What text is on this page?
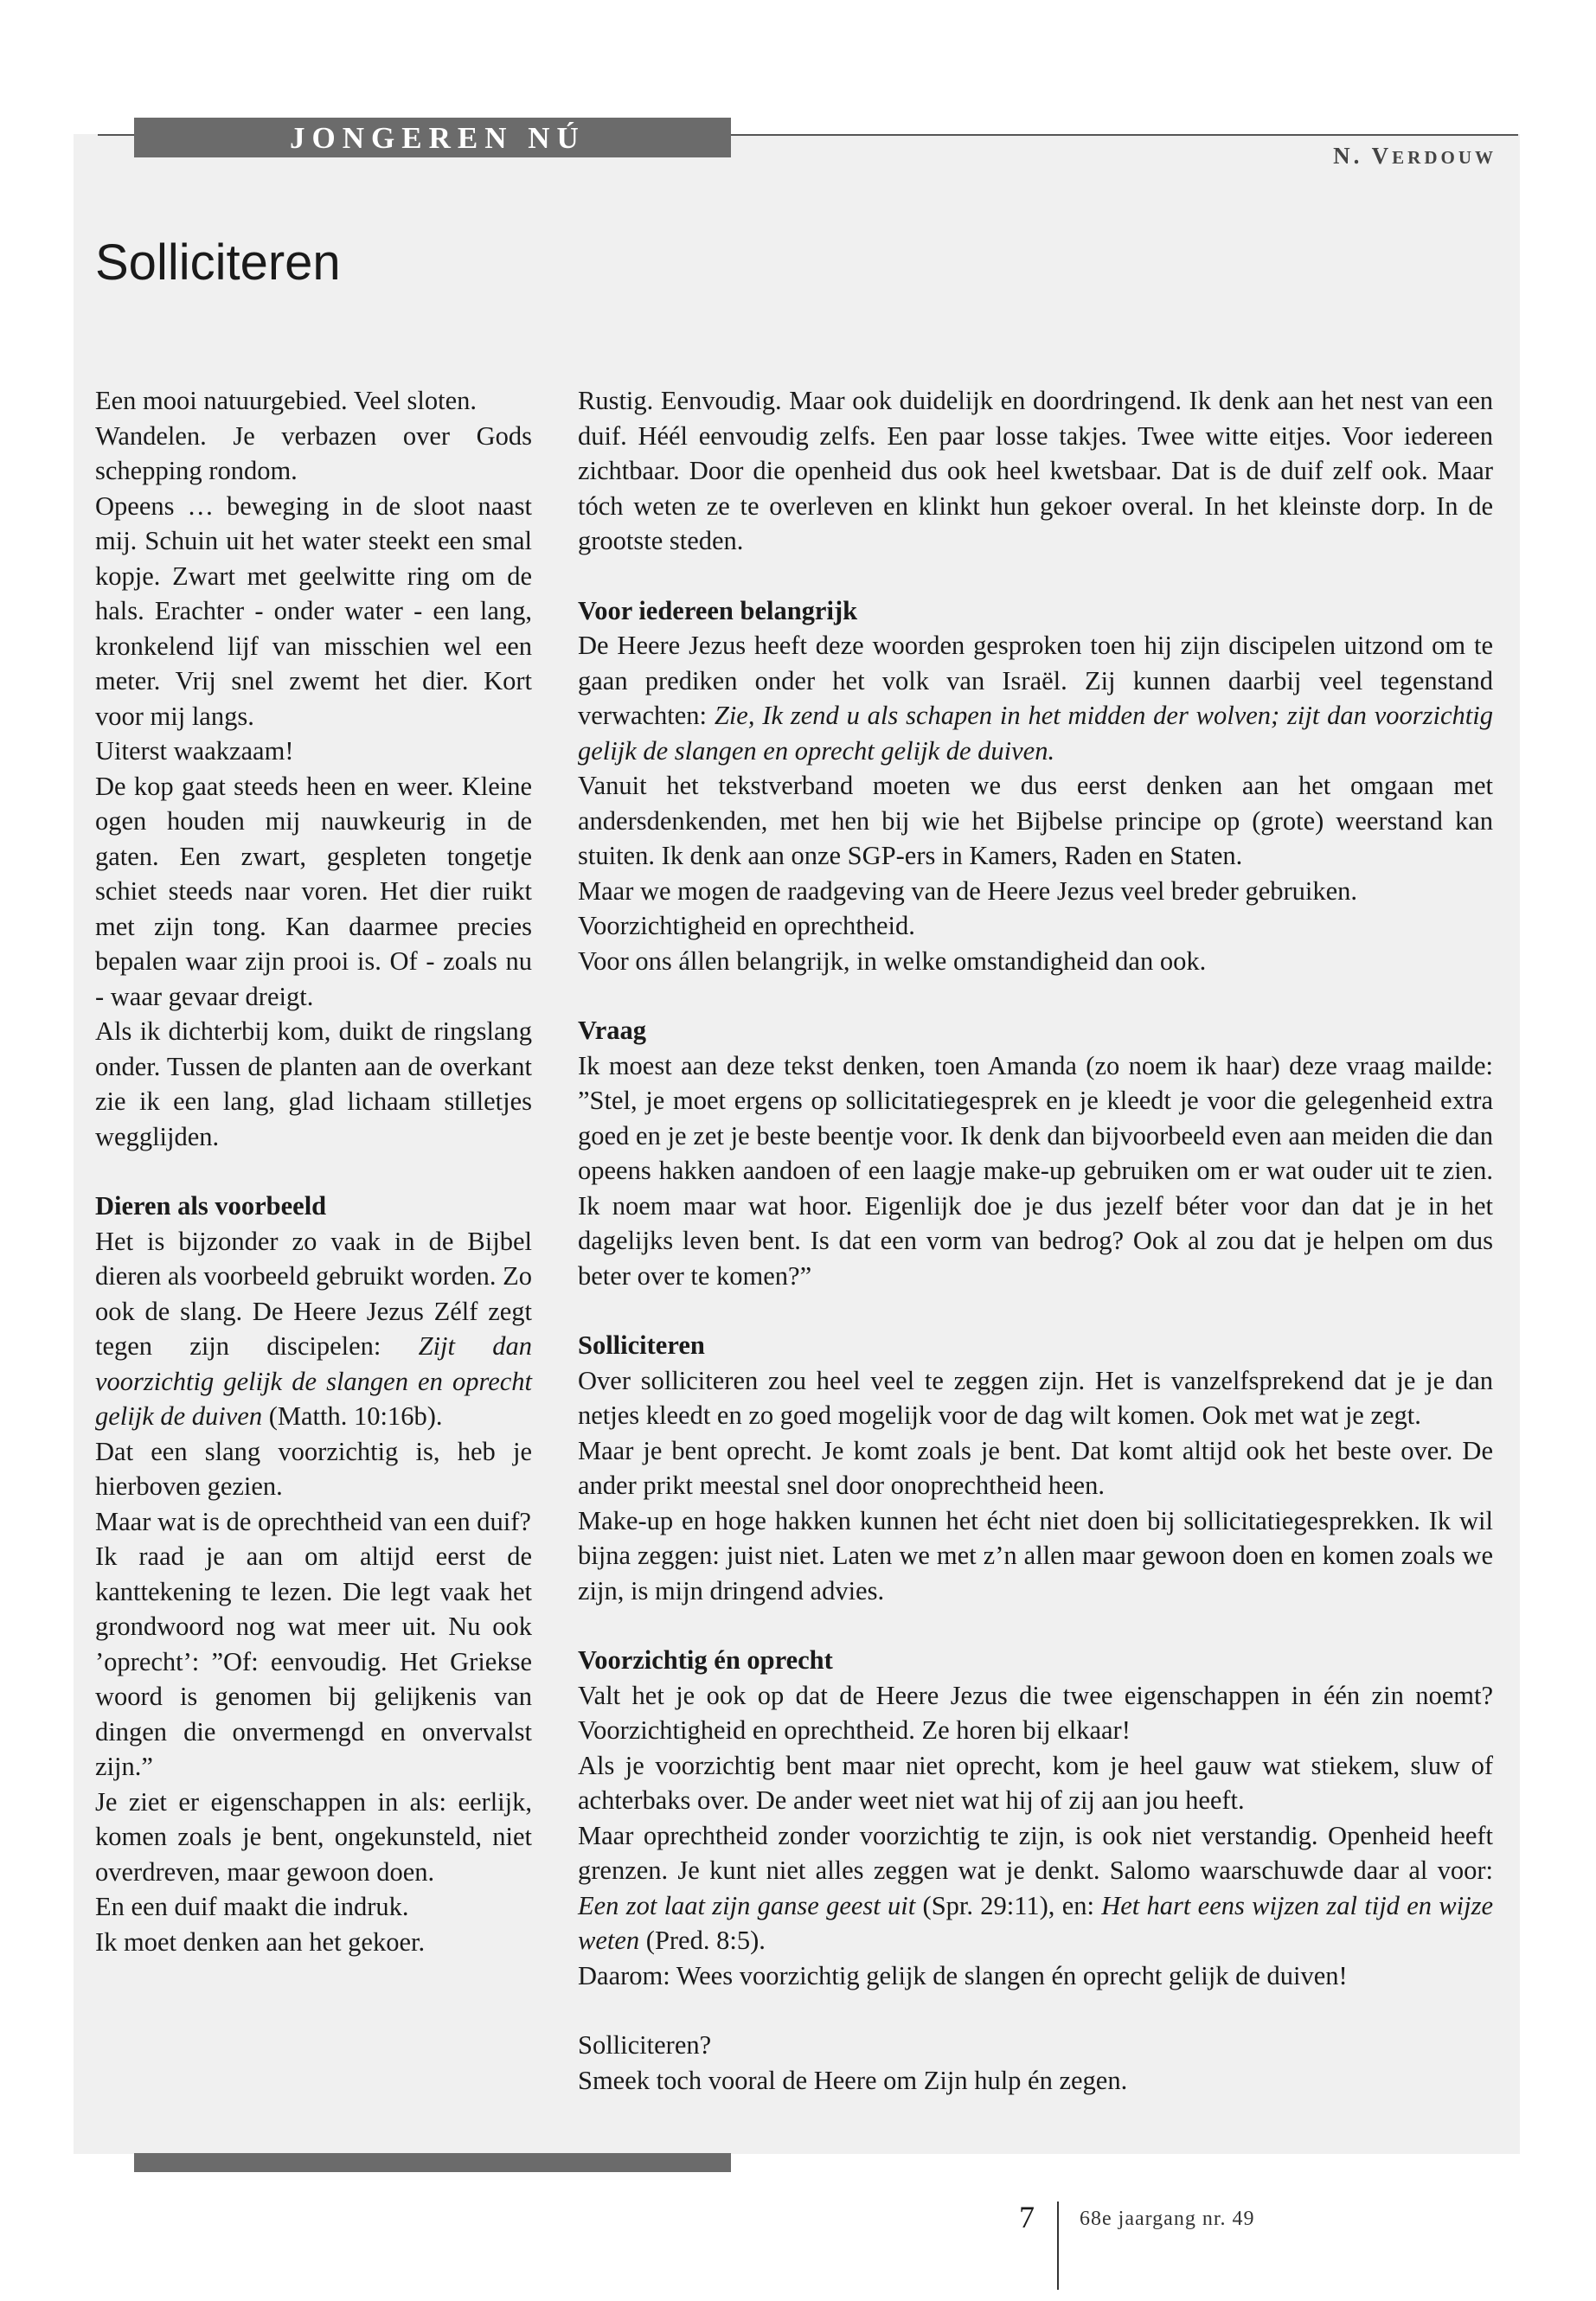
JONGEREN NÚ
N. VERDOUW
Solliciteren

Een mooi natuurgebied. Veel sloten.

Wandelen. Je verbazen over Gods schepping rondom.

Opeens … beweging in de sloot naast mij. Schuin uit het water steekt een smal kopje. Zwart met geelwitte ring om de hals. Erachter - onder water - een lang, kronkelend lijf van misschien wel een meter. Vrij snel zwemt het dier. Kort voor mij langs.

Uiterst waakzaam!

De kop gaat steeds heen en weer. Kleine ogen houden mij nauwkeurig in de gaten. Een zwart, gespleten tongetje schiet steeds naar voren. Het dier ruikt met zijn tong. Kan daarmee precies bepalen waar zijn prooi is. Of - zoals nu - waar gevaar dreigt.

Als ik dichterbij kom, duikt de ringslang onder. Tussen de planten aan de overkant zie ik een lang, glad lichaam stilletjes wegglijden.

Dieren als voorbeeld

Het is bijzonder zo vaak in de Bijbel dieren als voorbeeld gebruikt worden. Zo ook de slang. De Heere Jezus Zélf zegt tegen zijn discipelen: Zijt dan voorzichtig gelijk de slangen en oprecht gelijk de duiven (Matth. 10:16b).

Dat een slang voorzichtig is, heb je hierboven gezien.

Maar wat is de oprechtheid van een duif?

Ik raad je aan om altijd eerst de kanttekening te lezen. Die legt vaak het grondwoord nog wat meer uit. Nu ook ’oprecht’: ”Of: eenvoudig. Het Griekse woord is genomen bij gelijkenis van dingen die onvermengd en onvervalst zijn.”

Je ziet er eigenschappen in als: eerlijk, komen zoals je bent, ongekunsteld, niet overdreven, maar gewoon doen.

En een duif maakt die indruk.

Ik moet denken aan het gekoer.

Rustig. Eenvoudig. Maar ook duidelijk en doordringend. Ik denk aan het nest van een duif. Héél eenvoudig zelfs. Een paar losse takjes. Twee witte eitjes. Voor iedereen zichtbaar. Door die openheid dus ook heel kwetsbaar. Dat is de duif zelf ook. Maar tóch weten ze te overleven en klinkt hun gekoer overal. In het kleinste dorp. In de grootste steden.

Voor iedereen belangrijk

De Heere Jezus heeft deze woorden gesproken toen hij zijn discipelen uitzond om te gaan prediken onder het volk van Israël. Zij kunnen daarbij veel tegenstand verwachten: Zie, Ik zend u als schapen in het midden der wolven; zijt dan voorzichtig gelijk de slangen en oprecht gelijk de duiven.

Vanuit het tekstverband moeten we dus eerst denken aan het omgaan met andersdenkenden, met hen bij wie het Bijbelse principe op (grote) weerstand kan stuiten. Ik denk aan onze SGP-ers in Kamers, Raden en Staten.

Maar we mogen de raadgeving van de Heere Jezus veel breder gebruiken.

Voorzichtigheid en oprechtheid.

Voor ons állen belangrijk, in welke omstandigheid dan ook.

Vraag

Ik moest aan deze tekst denken, toen Amanda (zo noem ik haar) deze vraag mailde: ”Stel, je moet ergens op sollicitatiegesprek en je kleedt je voor die gelegenheid extra goed en je zet je beste beentje voor. Ik denk dan bijvoorbeeld even aan meiden die dan opeens hakken aandoen of een laagje make-up gebruiken om er wat ouder uit te zien. Ik noem maar wat hoor. Eigenlijk doe je dus jezelf béter voor dan dat je in het dagelijks leven bent. Is dat een vorm van bedrog? Ook al zou dat je helpen om dus beter over te komen?”

Solliciteren

Over solliciteren zou heel veel te zeggen zijn. Het is vanzelfsprekend dat je je dan netjes kleedt en zo goed mogelijk voor de dag wilt komen. Ook met wat je zegt.

Maar je bent oprecht. Je komt zoals je bent. Dat komt altijd ook het beste over. De ander prikt meestal snel door onoprechtheid heen.

Make-up en hoge hakken kunnen het écht niet doen bij sollicitatiegesprekken. Ik wil bijna zeggen: juist niet. Laten we met z’n allen maar gewoon doen en komen zoals we zijn, is mijn dringend advies.

Voorzichtig én oprecht

Valt het je ook op dat de Heere Jezus die twee eigenschappen in één zin noemt? Voorzichtigheid en oprechtheid. Ze horen bij elkaar!

Als je voorzichtig bent maar niet oprecht, kom je heel gauw wat stiekem, sluw of achterbaks over. De ander weet niet wat hij of zij aan jou heeft.

Maar oprechtheid zonder voorzichtig te zijn, is ook niet verstandig. Openheid heeft grenzen. Je kunt niet alles zeggen wat je denkt. Salomo waarschuwde daar al voor: Een zot laat zijn ganse geest uit (Spr. 29:11), en: Het hart eens wijzen zal tijd en wijze weten (Pred. 8:5).

Daarom: Wees voorzichtig gelijk de slangen én oprecht gelijk de duiven!

Solliciteren?

Smeek toch vooral de Heere om Zijn hulp én zegen.

7 68e jaargang nr. 49
